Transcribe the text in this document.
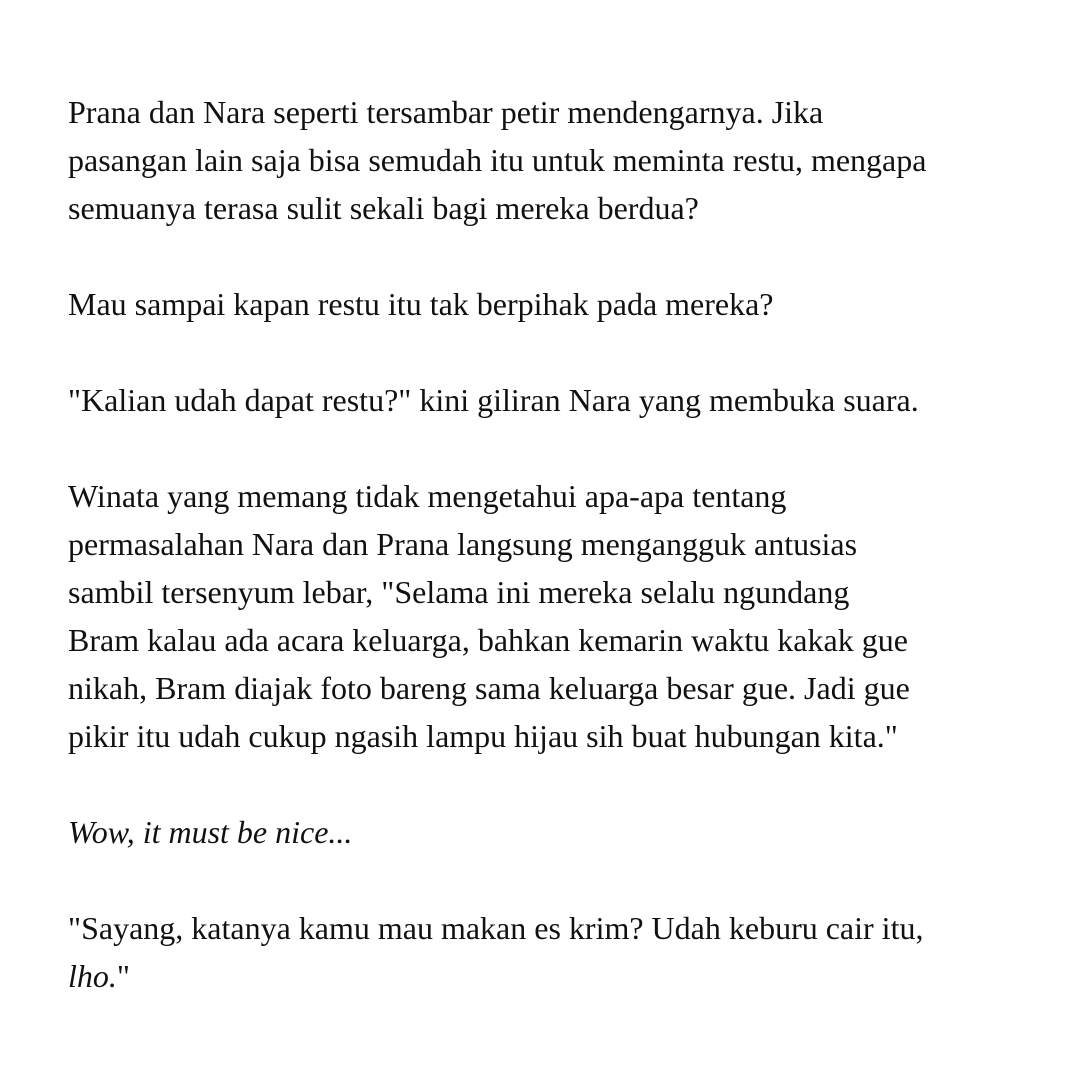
Prana dan Nara seperti tersambar petir mendengarnya. Jika
pasangan lain saja bisa semudah itu untuk meminta restu, mengapa
semuanya terasa sulit sekali bagi mereka berdua?

Mau sampai kapan restu itu tak berpihak pada mereka?

"Kalian udah dapat restu?" kini giliran Nara yang membuka suara.

Winata yang memang tidak mengetahui apa-apa tentang
permasalahan Nara dan Prana langsung mengangguk antusias
sambil tersenyum lebar, "Selama ini mereka selalu ngundang
Bram kalau ada acara keluarga, bahkan kemarin waktu kakak gue
nikah, Bram diajak foto bareng sama keluarga besar gue. Jadi gue
pikir itu udah cukup ngasih lampu hijau sih buat hubungan kita."

Wow, it must be nice...

"Sayang, katanya kamu mau makan es krim? Udah keburu cair itu,
lho."
